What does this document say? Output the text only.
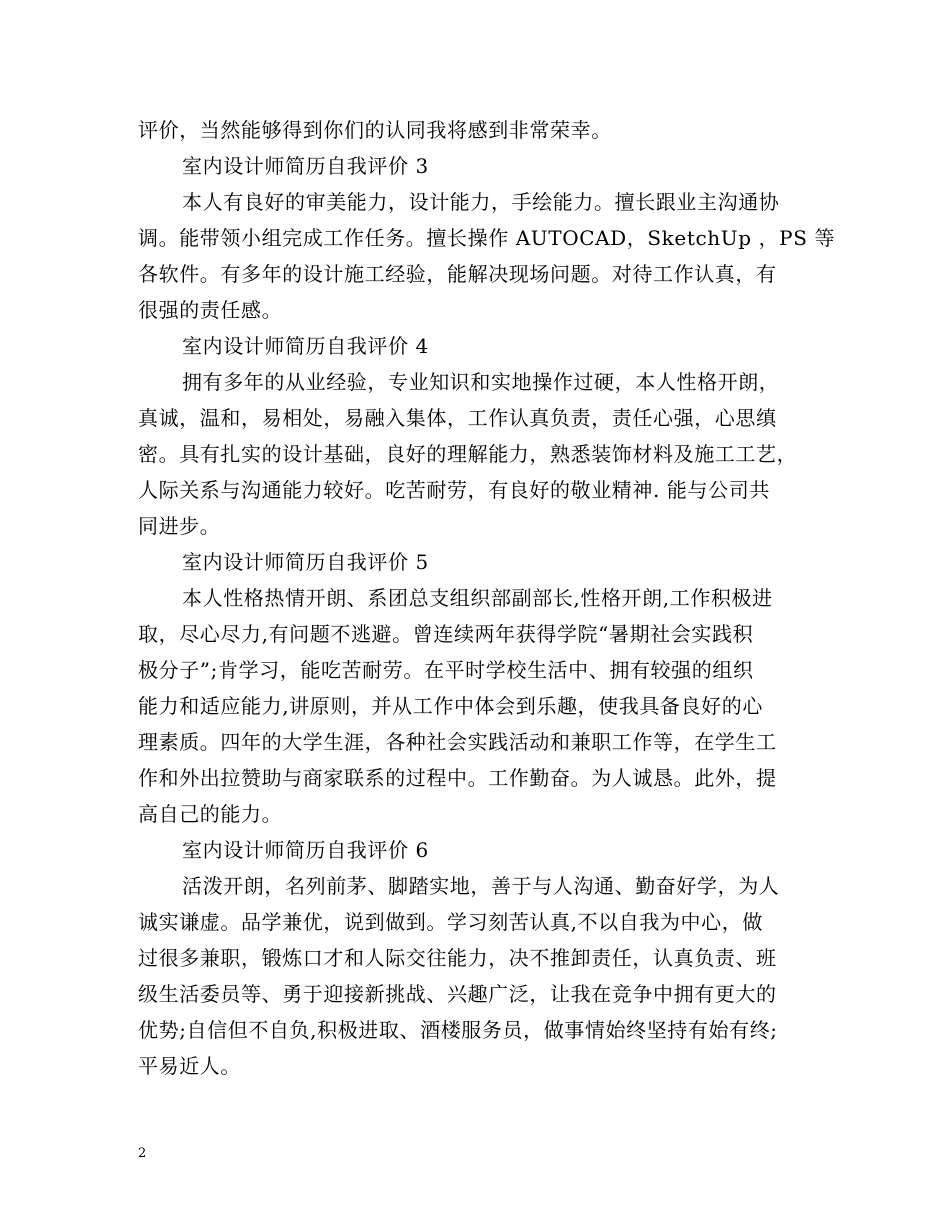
评价，当然能够得到你们的认同我将感到非常荣幸。
室内设计师简历自我评价 3
本人有良好的审美能力，设计能力，手绘能力。擅长跟业主沟通协
调。能带领小组完成工作任务。擅长操作 AUTOCAD，SketchUp ，PS 等
各软件。有多年的设计施工经验，能解决现场问题。对待工作认真，有
很强的责任感。
室内设计师简历自我评价 4
拥有多年的从业经验，专业知识和实地操作过硬，本人性格开朗，
真诚，温和，易相处，易融入集体，工作认真负责，责任心强，心思缜
密。具有扎实的设计基础，良好的理解能力，熟悉装饰材料及施工工艺，
人际关系与沟通能力较好。吃苦耐劳，有良好的敬业精神. 能与公司共
同进步。
室内设计师简历自我评价 5
本人性格热情开朗、系团总支组织部副部长,性格开朗,工作积极进
取，尽心尽力,有问题不逃避。曾连续两年获得学院“暑期社会实践积
极分子”;肯学习，能吃苦耐劳。在平时学校生活中、拥有较强的组织
能力和适应能力,讲原则，并从工作中体会到乐趣，使我具备良好的心
理素质。四年的大学生涯，各种社会实践活动和兼职工作等，在学生工
作和外出拉赞助与商家联系的过程中。工作勤奋。为人诚恳。此外，提
高自己的能力。
室内设计师简历自我评价 6
活泼开朗，名列前茅、脚踏实地，善于与人沟通、勤奋好学，为人
诚实谦虚。品学兼优，说到做到。学习刻苦认真,不以自我为中心，做
过很多兼职，锻炼口才和人际交往能力，决不推卸责任，认真负责、班
级生活委员等、勇于迎接新挑战、兴趣广泛，让我在竞争中拥有更大的
优势;自信但不自负,积极进取、酒楼服务员，做事情始终坚持有始有终;
平易近人。
2
